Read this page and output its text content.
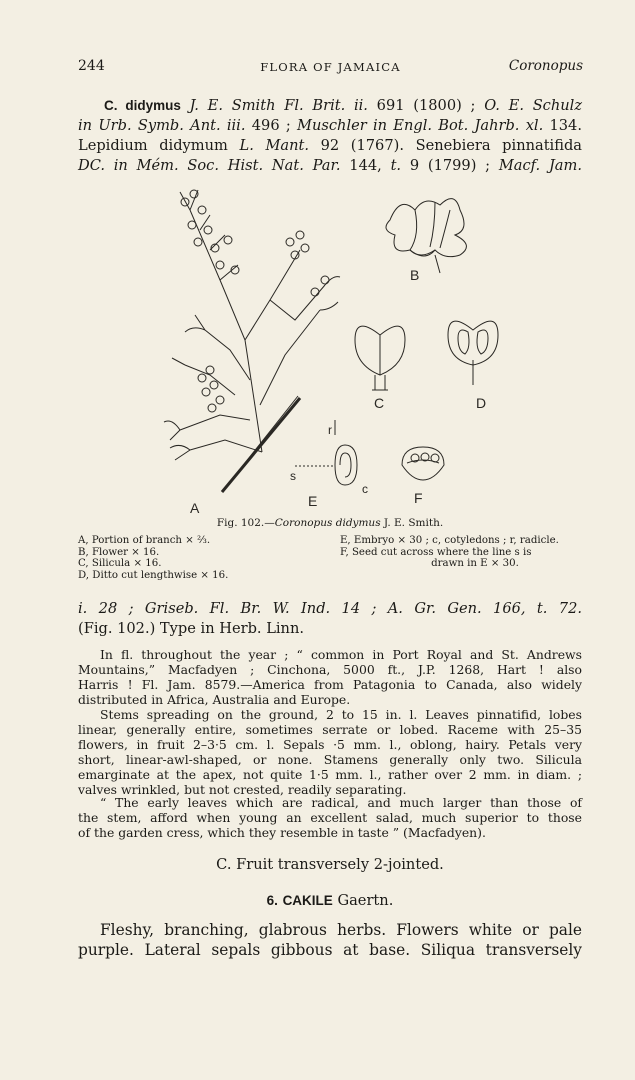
244	FLORA OF JAMAICA	Coronopus
C. didymus J. E. Smith Fl. Brit. ii. 691 (1800) ; O. E. Schulz
in Urb. Symb. Ant. iii. 496 ; Muschler in Engl. Bot. Jahrb. xl. 134.
Lepidium didymum L. Mant. 92 (1767). Senebiera pinnatifida
DC. in Mém. Soc. Hist. Nat. Par. 144, t. 9 (1799) ; Macf. Jam.
A
B
C	D
E	F
r
s
c
Fig. 102.—Coronopus didymus J. E. Smith.
A, Portion of branch × ⅔.
B, Flower × 16.
C, Silicula × 16.
D, Ditto cut lengthwise × 16.
E, Embryo × 30 ; c, cotyledons ; r, radicle.
F, Seed cut across where the line s is
drawn in E × 30.
i. 28 ; Griseb. Fl. Br. W. Ind. 14 ; A. Gr. Gen. 166, t. 72.
(Fig. 102.) Type in Herb. Linn.
In fl. throughout the year ; “ common in Port Royal and St. Andrews
Mountains,” Macfadyen ; Cinchona, 5000 ft., J.P. 1268, Hart ! also
Harris ! Fl. Jam. 8579.—America from Patagonia to Canada, also widely
distributed in Africa, Australia and Europe.
Stems spreading on the ground, 2 to 15 in. l. Leaves pinnatifid, lobes
linear, generally entire, sometimes serrate or lobed. Raceme with 25–35
flowers, in fruit 2–3·5 cm. l. Sepals ·5 mm. l., oblong, hairy. Petals very
short, linear-awl-shaped, or none. Stamens generally only two. Silicula
emarginate at the apex, not quite 1·5 mm. l., rather over 2 mm. in diam. ;
valves wrinkled, but not crested, readily separating.
“ The early leaves which are radical, and much larger than those of
the stem, afford when young an excellent salad, much superior to those
of the garden cress, which they resemble in taste ” (Macfadyen).
C. Fruit transversely 2-jointed.
6. CAKILE Gaertn.
Fleshy, branching, glabrous herbs. Flowers white or pale
purple. Lateral sepals gibbous at base. Siliqua transversely
